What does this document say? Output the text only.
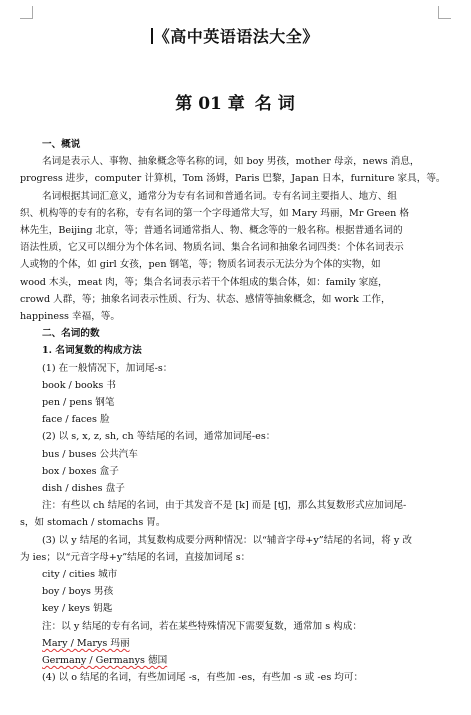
《高中英语语法大全》
第 01 章 名 词

一、概说

名词是表示人、事物、抽象概念等名称的词，如 boy 男孩，mother 母亲，news 消息，

progress 进步，computer 计算机，Tom 汤姆，Paris 巴黎，Japan 日本，furniture 家具，等。

名词根据其词汇意义，通常分为专有名词和普通名词。专有名词主要指人、地方、组

织、机构等的专有的名称，专有名词的第一个字母通常大写，如 Mary 玛丽，Mr Green 格

林先生，Beijing 北京，等；普通名词通常指人、物、概念等的一般名称。根据普通名词的

语法性质，它又可以细分为个体名词、物质名词、集合名词和抽象名词四类：个体名词表示

人或物的个体，如 girl 女孩，pen 钢笔，等；物质名词表示无法分为个体的实物，如

wood 木头，meat 肉，等；集合名词表示若干个体组成的集合体，如：family 家庭，

crowd 人群，等；抽象名词表示性质、行为、状态、感情等抽象概念，如 work 工作，

happiness 幸福，等。

二、名词的数

1. 名词复数的构成方法

(1) 在一般情况下，加词尾-s：

book / books 书

pen / pens 钢笔

face / faces 脸

(2) 以 s, x, z, sh, ch 等结尾的名词，通常加词尾-es：

bus / buses 公共汽车

box / boxes 盒子

dish / dishes 盘子

注：有些以 ch 结尾的名词，由于其发音不是 [k] 而是 [tʃ]，那么其复数形式应加词尾-

s，如 stomach / stomachs 胃。

(3) 以 y 结尾的名词，其复数构成要分两种情况：以“辅音字母+y”结尾的名词，将 y 改

为 ies；以“元音字母+y”结尾的名词，直接加词尾 s：

city / cities 城市

boy / boys 男孩

key / keys 钥匙

注：以 y 结尾的专有名词，若在某些特殊情况下需要复数，通常加 s 构成：

Mary / Marys 玛丽

Germany / Germanys 德国

(4) 以 o 结尾的名词，有些加词尾 -s，有些加 -es，有些加 -s 或 -es 均可：
